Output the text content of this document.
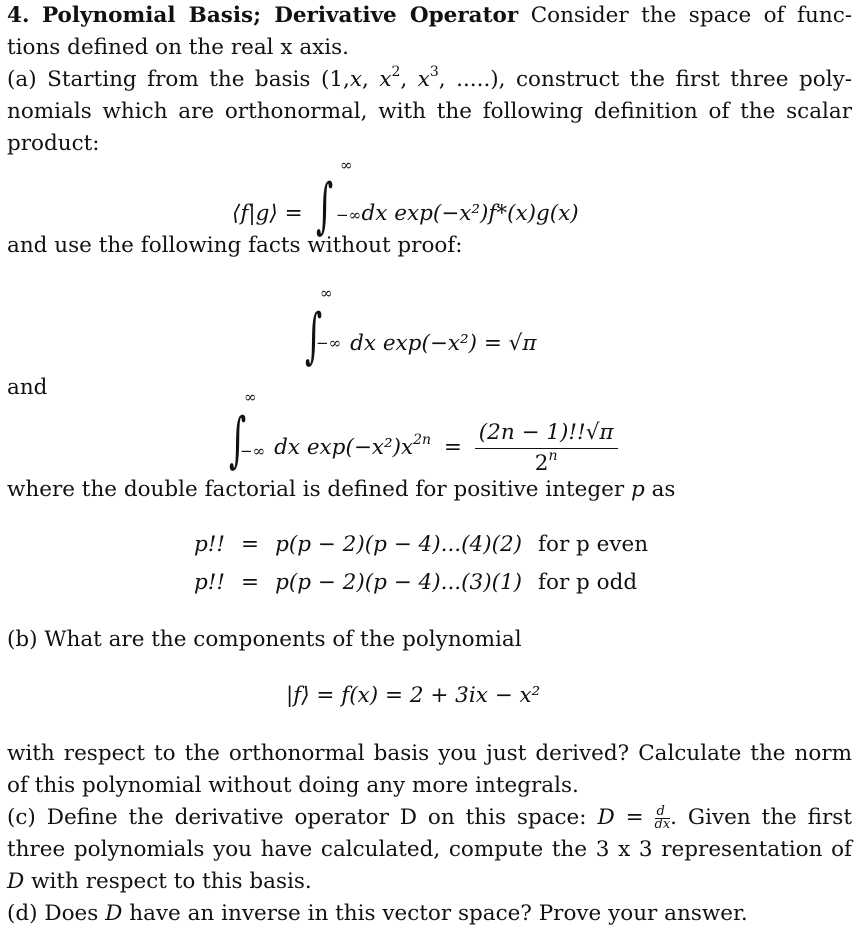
4. Polynomial Basis; Derivative Operator Consider the space of func-
tions defined on the real x axis.
(a) Starting from the basis (1,x, $x^2$, $x^3$, .....), construct the first three poly-
nomials which are orthonormal, with the following definition of the scalar
product:
⟨f|g⟩ = ∫
∞
−∞ dx exp(−x²)f*(x)g(x)
and use the following facts without proof:
∫
∞
−∞ dx exp(−x²) = √π
and
∫
∞
−∞ dx $\exp(-x^2)x^{2n} = \frac{(2n - 1)!!√\pi}{2^n}$
where the double factorial is defined for positive integer p as
p!!	=	p(p − 2)(p − 4)...(4)(2)	for p even
p!!	=	p(p − 2)(p − 4)...(3)(1)	for p odd
(b) What are the components of the polynomial
|f⟩ = f(x) = 2 + 3ix − x²
with respect to the orthonormal basis you just derived? Calculate the norm
of this polynomial without doing any more integrals.
(c) Define the derivative operator D on this space: $D = \frac{d}{dx}$ . Given the first
three polynomials you have calculated, compute the 3 x 3 representation of
D with respect to this basis.
(d) Does D have an inverse in this vector space? Prove your answer.
